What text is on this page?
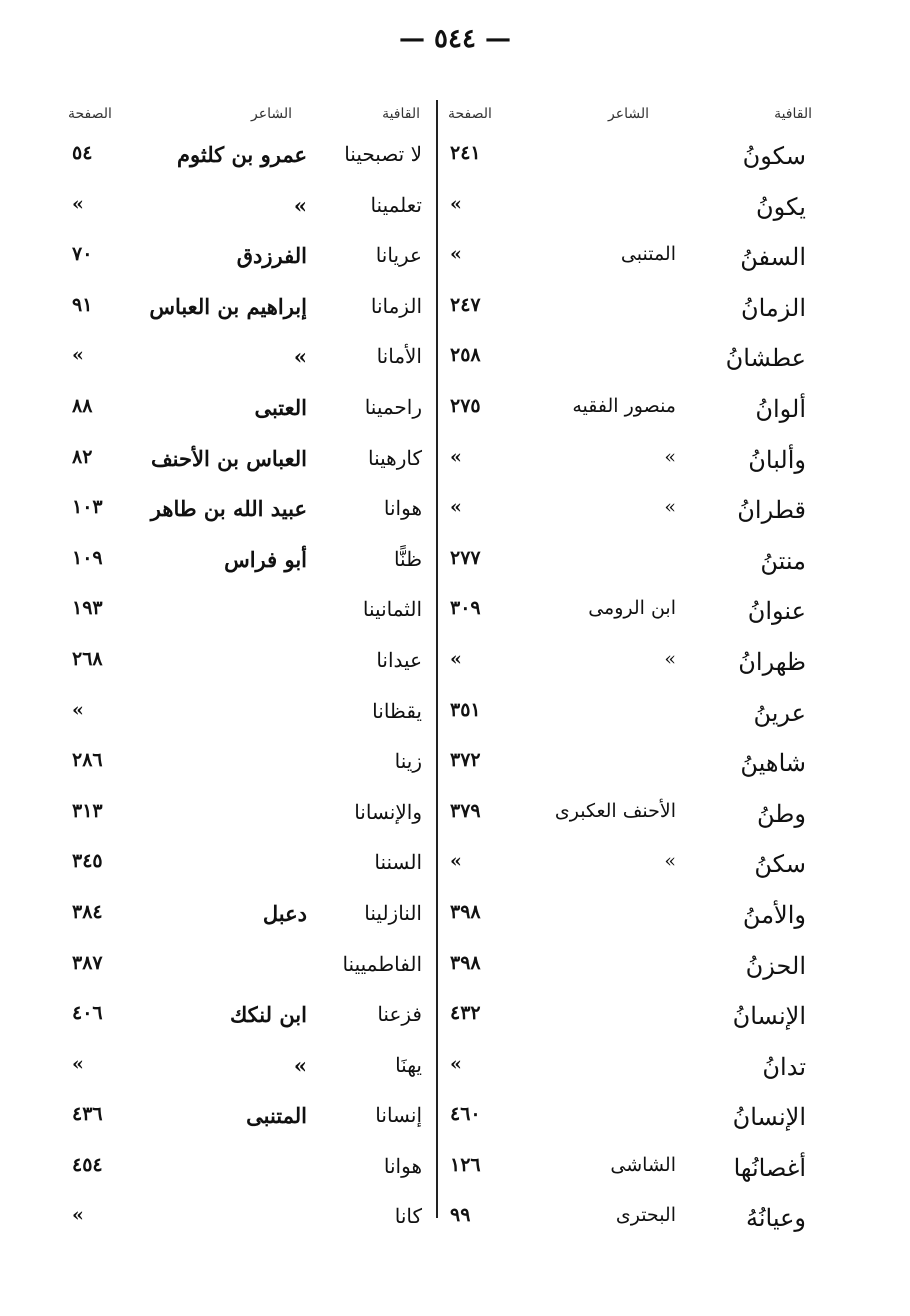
— ٥٤٤ —
القافية
الشاعر
الصفحة
سكونُ
٢٤١
يكونُ
»
السفنُ
المتنبى
»
الزمانُ
٢٤٧
عطشانُ
٢٥٨
ألوانُ
منصور الفقيه
٢٧٥
وألبانُ
»
»
قطرانُ
»
»
منتنُ
٢٧٧
عنوانُ
ابن الرومى
٣٠٩
ظهرانُ
»
»
عرينُ
٣٥١
شاهينُ
٣٧٢
وطنُ
الأحنف العكبرى
٣٧٩
سكنُ
»
»
والأمنُ
٣٩٨
الحزنُ
٣٩٨
الإنسانُ
٤٣٢
تدانُ
»
الإنسانُ
٤٦٠
أغصانُها
الشاشى
١٢٦
وعيانُهُ
البحترى
٩٩
القافية
الشاعر
الصفحة
لا تصبحينا
عمرو بن كلثوم
٥٤
تعلمينا
»
»
عريانا
الفرزدق
٧٠
الزمانا
إبراهيم بن العباس
٩١
الأمانا
»
»
راحمينا
العتبى
٨٨
كارهينا
العباس بن الأحنف
٨٢
هوانا
عبيد الله بن طاهر
١٠٣
ظنًّا
أبو فراس
١٠٩
الثمانينا
١٩٣
عيدانا
٢٦٨
يقظانا
»
زينا
٢٨٦
والإنسانا
٣١٣
السننا
٣٤٥
النازلينا
دعبل
٣٨٤
الفاطميينا
٣٨٧
فزعنا
ابن لنكك
٤٠٦
يهنَا
»
»
إنسانا
المتنبى
٤٣٦
هوانا
٤٥٤
كانا
»
